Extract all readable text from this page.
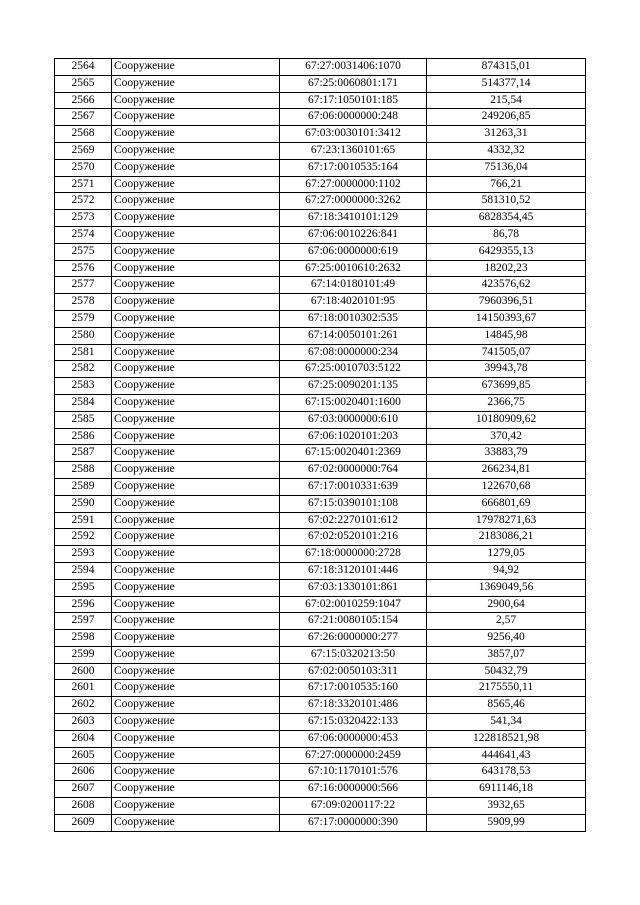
2564	Сооружение	67:27:0031406:1070	874315,01
2565	Сооружение	67:25:0060801:171	514377,14
2566	Сооружение	67:17:1050101:185	215,54
2567	Сооружение	67:06:0000000:248	249206,85
2568	Сооружение	67:03:0030101:3412	31263,31
2569	Сооружение	67:23:1360101:65	4332,32
2570	Сооружение	67:17:0010535:164	75136,04
2571	Сооружение	67:27:0000000:1102	766,21
2572	Сооружение	67:27:0000000:3262	581310,52
2573	Сооружение	67:18:3410101:129	6828354,45
2574	Сооружение	67:06:0010226:841	86,78
2575	Сооружение	67:06:0000000:619	6429355,13
2576	Сооружение	67:25:0010610:2632	18202,23
2577	Сооружение	67:14:0180101:49	423576,62
2578	Сооружение	67:18:4020101:95	7960396,51
2579	Сооружение	67:18:0010302:535	14150393,67
2580	Сооружение	67:14:0050101:261	14845,98
2581	Сооружение	67:08:0000000:234	741505,07
2582	Сооружение	67:25:0010703:5122	39943,78
2583	Сооружение	67:25:0090201:135	673699,85
2584	Сооружение	67:15:0020401:1600	2366,75
2585	Сооружение	67:03:0000000:610	10180909,62
2586	Сооружение	67:06:1020101:203	370,42
2587	Сооружение	67:15:0020401:2369	33883,79
2588	Сооружение	67:02:0000000:764	266234,81
2589	Сооружение	67:17:0010331:639	122670,68
2590	Сооружение	67:15:0390101:108	666801,69
2591	Сооружение	67:02:2270101:612	17978271,63
2592	Сооружение	67:02:0520101:216	2183086,21
2593	Сооружение	67:18:0000000:2728	1279,05
2594	Сооружение	67:18:3120101:446	94,92
2595	Сооружение	67:03:1330101:861	1369049,56
2596	Сооружение	67:02:0010259:1047	2900,64
2597	Сооружение	67:21:0080105:154	2,57
2598	Сооружение	67:26:0000000:277	9256,40
2599	Сооружение	67:15:0320213:50	3857,07
2600	Сооружение	67:02:0050103:311	50432,79
2601	Сооружение	67:17:0010535:160	2175550,11
2602	Сооружение	67:18:3320101:486	8565,46
2603	Сооружение	67:15:0320422:133	541,34
2604	Сооружение	67:06:0000000:453	122818521,98
2605	Сооружение	67:27:0000000:2459	444641,43
2606	Сооружение	67:10:1170101:576	643178,53
2607	Сооружение	67:16:0000000:566	6911146,18
2608	Сооружение	67:09:0200117:22	3932,65
2609	Сооружение	67:17:0000000:390	5909,99
